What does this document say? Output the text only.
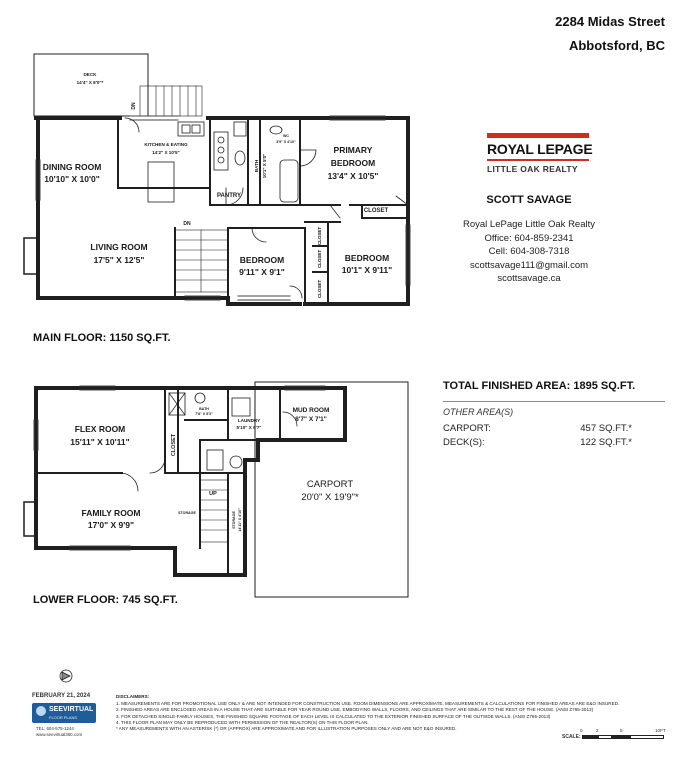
2284 Midas Street
Abbotsford, BC
ROYAL LEPAGE
LITTLE OAK REALTY
SCOTT SAVAGE
Royal LePage Little Oak Realty
Office: 604-859-2341
Cell: 604-308-7318
scottsavage111@gmail.com
scottsavage.ca
DECK
14'4" X 8'0"*
DINING ROOM
10'10" X 10'0"
KITCHEN & EATING
14'2" X 10'5"
LIVING ROOM
17'5" X 12'5"
PRIMARY
BEDROOM
13'4" X 10'5"
BEDROOM
9'11" X 9'1"
BEDROOM
10'1" X 9'11"
BATH 10'1" X 5'0"
WC
3'9" X 4'10"
PANTRY
CLOSET
CLOSET
CLOSET
CLOSET
DN
DN
FLEX ROOM
15'11" X 10'11"
FAMILY ROOM
17'0" X 9'9"
BATH
7'8" X 5'3"
LAUNDRY
5'10" X 6'7"
MUD ROOM
8'7" X 7'1"
CARPORT
20'0" X 19'9"*
STORAGE	STORAGE 14'11" X 4'10"
CLOSET
UP
MAIN FLOOR: 1150 SQ.FT.
LOWER FLOOR: 745 SQ.FT.
TOTAL FINISHED AREA: 1895 SQ.FT.
OTHER AREA(S)
CARPORT:	457 SQ.FT.*
DECK(S):	122 SQ.FT.*
FEBRUARY 21, 2024
SEEVIRTUAL
FLOOR PLANS
TEL: 604-575-1244
www.seevirtual360.com
DISCLAIMERS:
1. MEASUREMENTS ARE FOR PROMOTIONAL USE ONLY & ARE NOT INTENDED FOR CONSTRUCTION USE. ROOM DIMENSIONS ARE APPROXIMATE. MEASUREMENTS & CALCULATIONS FOR FINISHED AREAS ARE E&O INSURED.
2. FINISHED AREAS ARE ENCLOSED AREAS IN A HOUSE THAT ARE SUITABLE FOR YEAR ROUND USE, EMBODYING WALLS, FLOORS, AND CEILINGS THAT ARE SIMILAR TO THE REST OF THE HOUSE. (ANSI Z765-2013)
3. FOR DETACHED SINGLE-FAMILY HOUSES, THE FINISHED SQUARE FOOTAGE OF EACH LEVEL IS CALCULATED TO THE EXTERIOR FINISHED SURFACE OF THE OUTSIDE WALLS. (ANSI Z765-2013)
4. THIS FLOOR PLAN MAY ONLY BE REPRODUCED WITH PERMISSION OF THE REALTOR(S) ON THIS FLOOR PLAN.
* ANY MEASUREMENTS WITH AN ASTERISK (*) OR (APPROX) ARE APPROXIMATE AND FOR ILLUSTRATION PURPOSES ONLY AND ARE NOT E&O INSURED.
SCALE:
0	2	5	10FT
